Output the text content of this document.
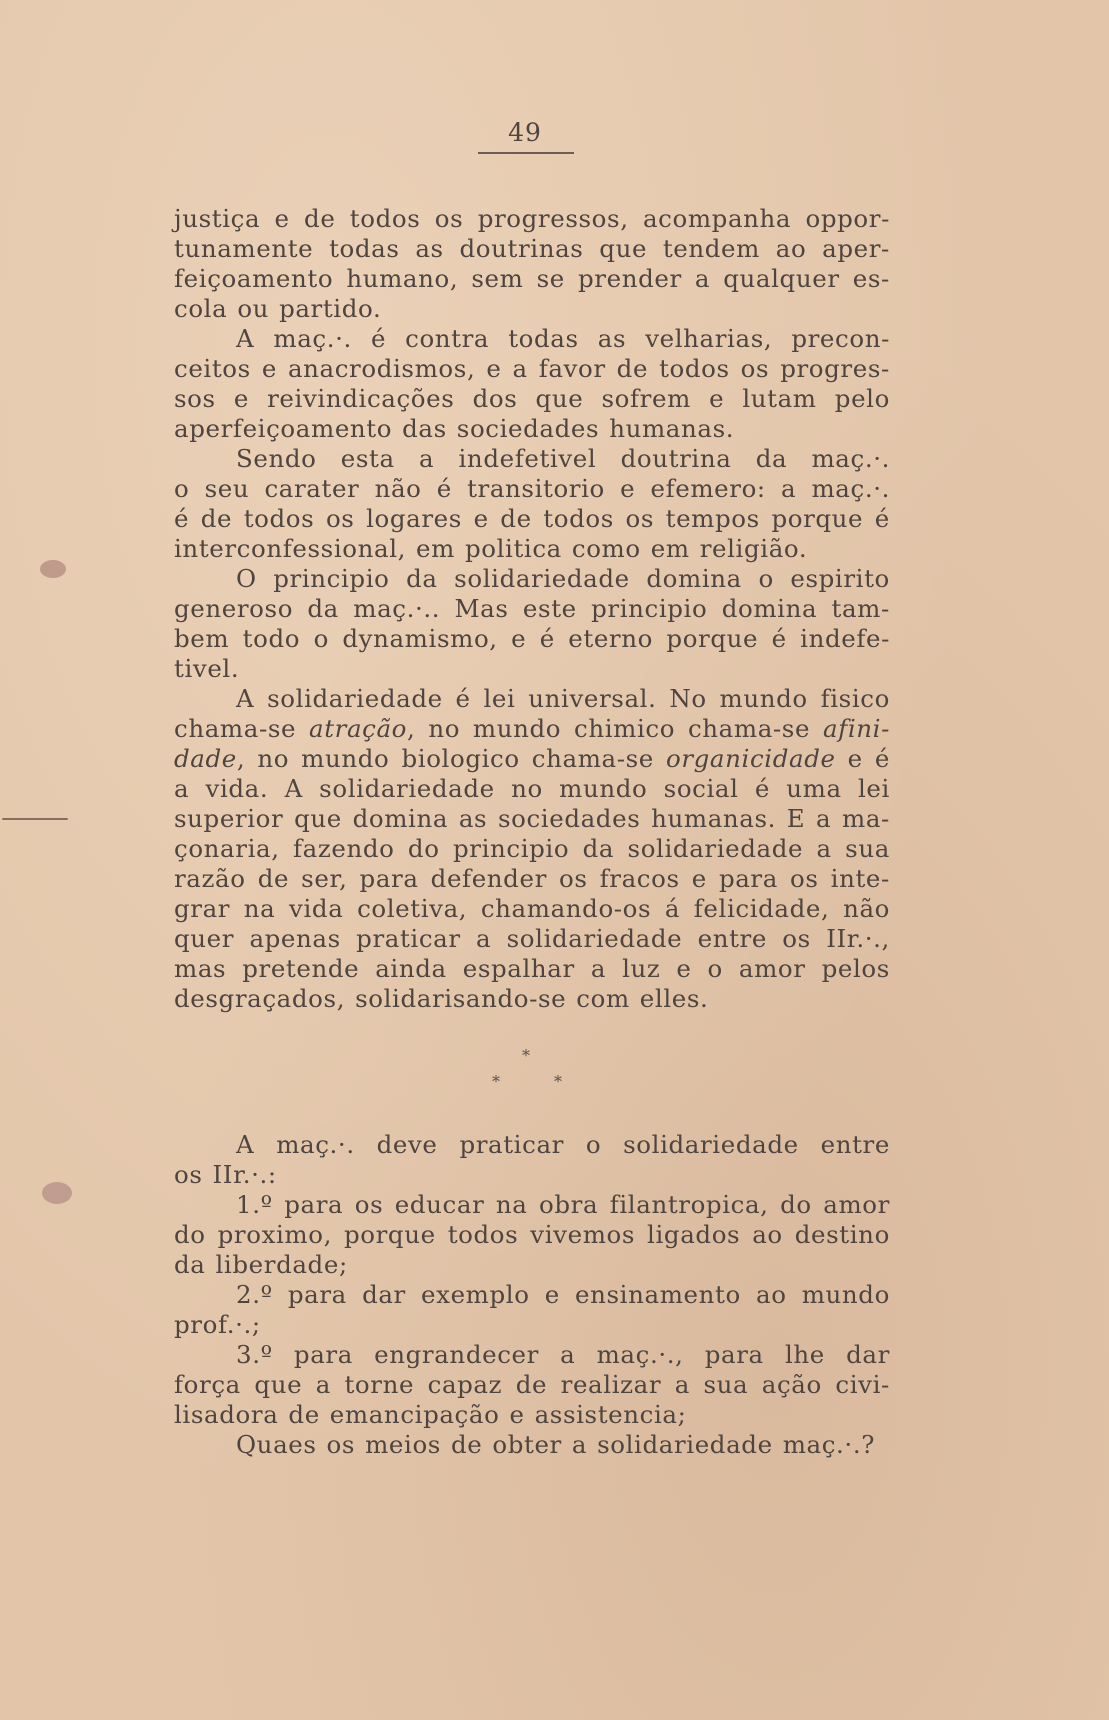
49
justiça e de todos os progressos, acompanha oppor-
tunamente todas as doutrinas que tendem ao aper-
feiçoamento humano, sem se prender a qualquer es-
cola ou partido.
A maç.·. é contra todas as velharias, precon-
ceitos e anacrodismos, e a favor de todos os progres-
sos e reivindicações dos que sofrem e lutam pelo
aperfeiçoamento das sociedades humanas.
Sendo esta a indefetivel doutrina da maç.·.
o seu carater não é transitorio e efemero: a maç.·.
é de todos os logares e de todos os tempos porque é
interconfessional, em politica como em religião.
O principio da solidariedade domina o espirito
generoso da maç.·.. Mas este principio domina tam-
bem todo o dynamismo, e é eterno porque é indefe-
tivel.
A solidariedade é lei universal. No mundo fisico
chama-se atração, no mundo chimico chama-se afini-
dade, no mundo biologico chama-se organicidade e é
a vida. A solidariedade no mundo social é uma lei
superior que domina as sociedades humanas. E a ma-
çonaria, fazendo do principio da solidariedade a sua
razão de ser, para defender os fracos e para os inte-
grar na vida coletiva, chamando-os á felicidade, não
quer apenas praticar a solidariedade entre os IIr.·.,
mas pretende ainda espalhar a luz e o amor pelos
desgraçados, solidarisando-se com elles.
*
*	*
A maç.·. deve praticar o solidariedade entre
os IIr.·.:
1.º para os educar na obra filantropica, do amor
do proximo, porque todos vivemos ligados ao destino
da liberdade;
2.º para dar exemplo e ensinamento ao mundo
prof.·.;
3.º para engrandecer a maç.·., para lhe dar
força que a torne capaz de realizar a sua ação civi-
lisadora de emancipação e assistencia;
Quaes os meios de obter a solidariedade maç.·.?
